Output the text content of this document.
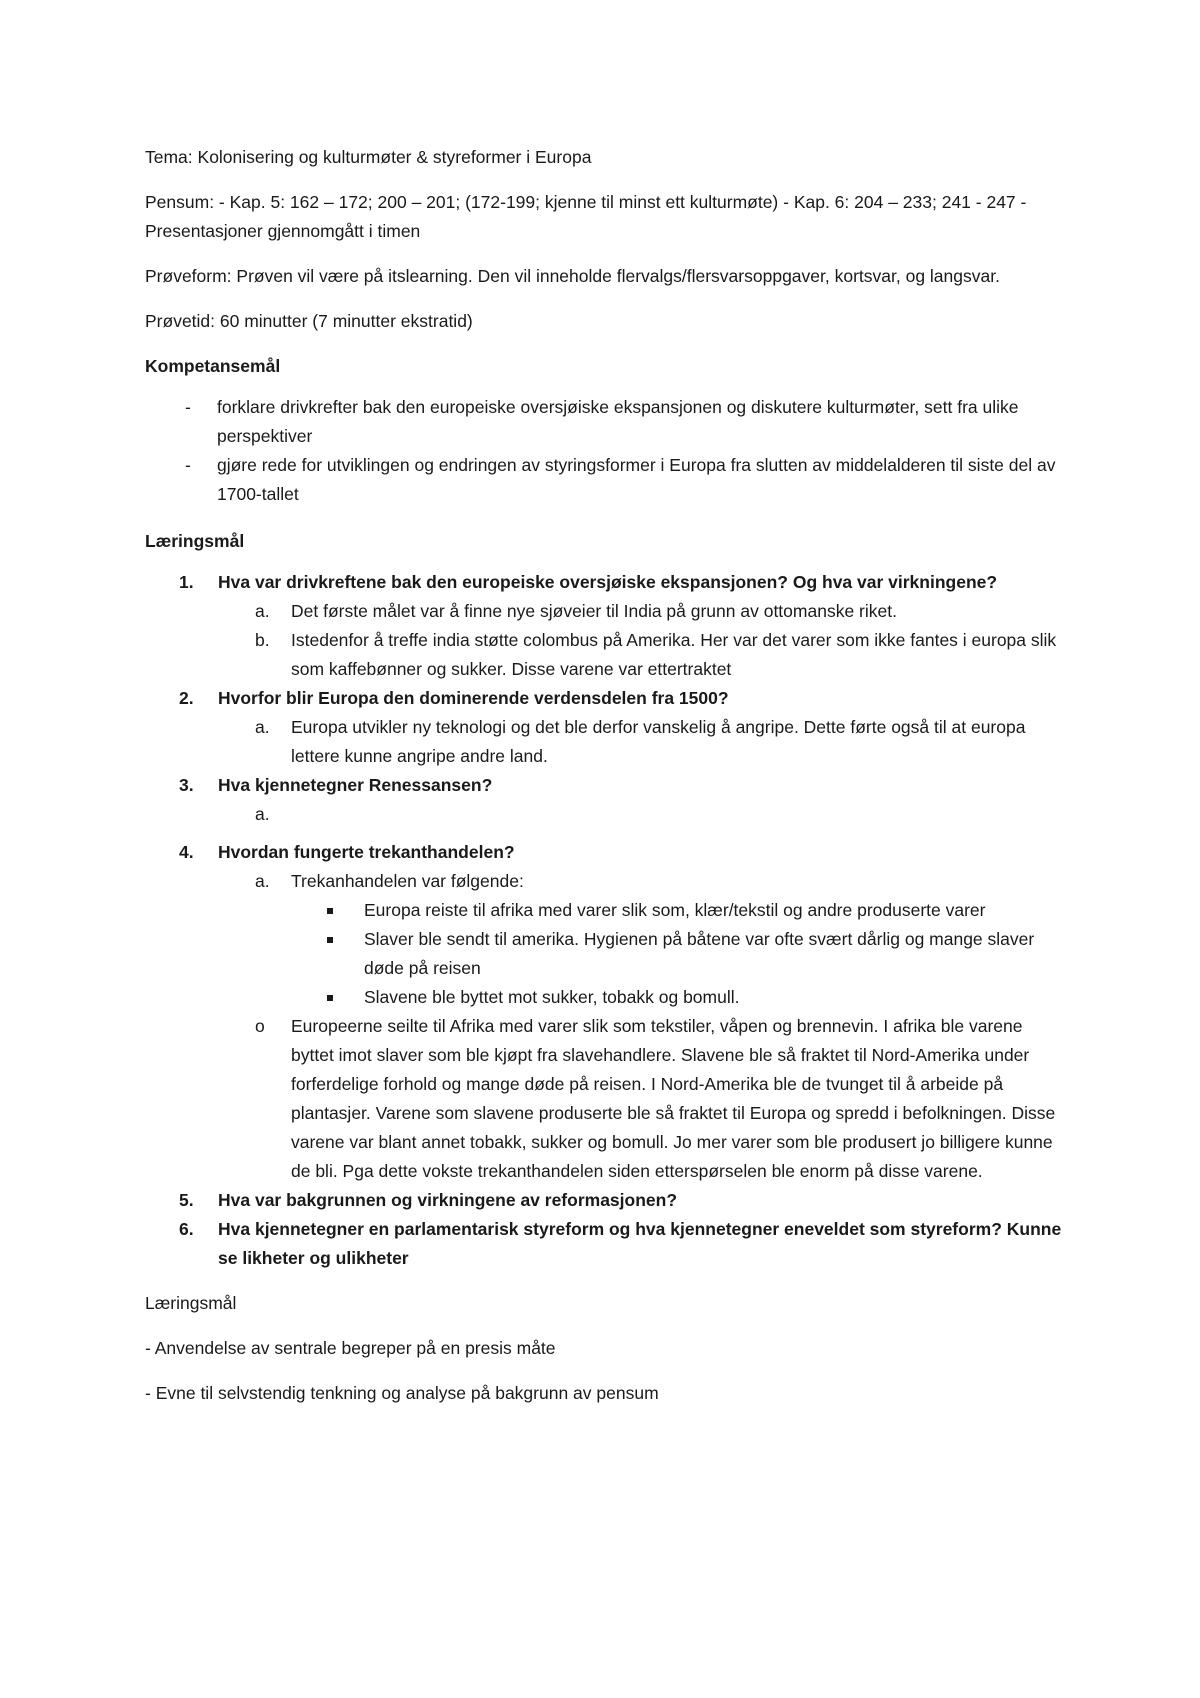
Tema: Kolonisering og kulturmøter & styreformer i Europa

Pensum: - Kap. 5: 162 – 172; 200 – 201; (172-199; kjenne til minst ett kulturmøte) - Kap. 6: 204 – 233; 241 - 247 - Presentasjoner gjennomgått i timen

Prøveform: Prøven vil være på itslearning. Den vil inneholde flervalgs/flersvarsoppgaver, kortsvar, og langsvar.

Prøvetid: 60 minutter (7 minutter ekstratid)

Kompetansemål

- forklare drivkrefter bak den europeiske oversjøiske ekspansjonen og diskutere kulturmøter, sett fra ulike perspektiver
- gjøre rede for utviklingen og endringen av styringsformer i Europa fra slutten av middelalderen til siste del av 1700-tallet

Læringsmål

1. Hva var drivkreftene bak den europeiske oversjøiske ekspansjonen? Og hva var virkningene?
a. Det første målet var å finne nye sjøveier til India på grunn av ottomanske riket.
b. Istedenfor å treffe india støtte colombus på Amerika. Her var det varer som ikke fantes i europa slik som kaffebønner og sukker. Disse varene var ettertraktet
2. Hvorfor blir Europa den dominerende verdensdelen fra 1500?
a. Europa utvikler ny teknologi og det ble derfor vanskelig å angripe. Dette førte også til at europa lettere kunne angripe andre land.
3. Hva kjennetegner Renessansen?
a.
4. Hvordan fungerte trekanthandelen?
a. Trekanhandelen var følgende:
Europa reiste til afrika med varer slik som, klær/tekstil og andre produserte varer
Slaver ble sendt til amerika. Hygienen på båtene var ofte svært dårlig og mange slaver døde på reisen
Slavene ble byttet mot sukker, tobakk og bomull.
o Europeerne seilte til Afrika med varer slik som tekstiler, våpen og brennevin. I afrika ble varene byttet imot slaver som ble kjøpt fra slavehandlere. Slavene ble så fraktet til Nord-Amerika under forferdelige forhold og mange døde på reisen. I Nord-Amerika ble de tvunget til å arbeide på plantasjer. Varene som slavene produserte ble så fraktet til Europa og spredd i befolkningen. Disse varene var blant annet tobakk, sukker og bomull. Jo mer varer som ble produsert jo billigere kunne de bli. Pga dette vokste trekanthandelen siden etterspørselen ble enorm på disse varene.
5. Hva var bakgrunnen og virkningene av reformasjonen?
6. Hva kjennetegner en parlamentarisk styreform og hva kjennetegner eneveldet som styreform? Kunne se likheter og ulikheter

Læringsmål

- Anvendelse av sentrale begreper på en presis måte

- Evne til selvstendig tenkning og analyse på bakgrunn av pensum
